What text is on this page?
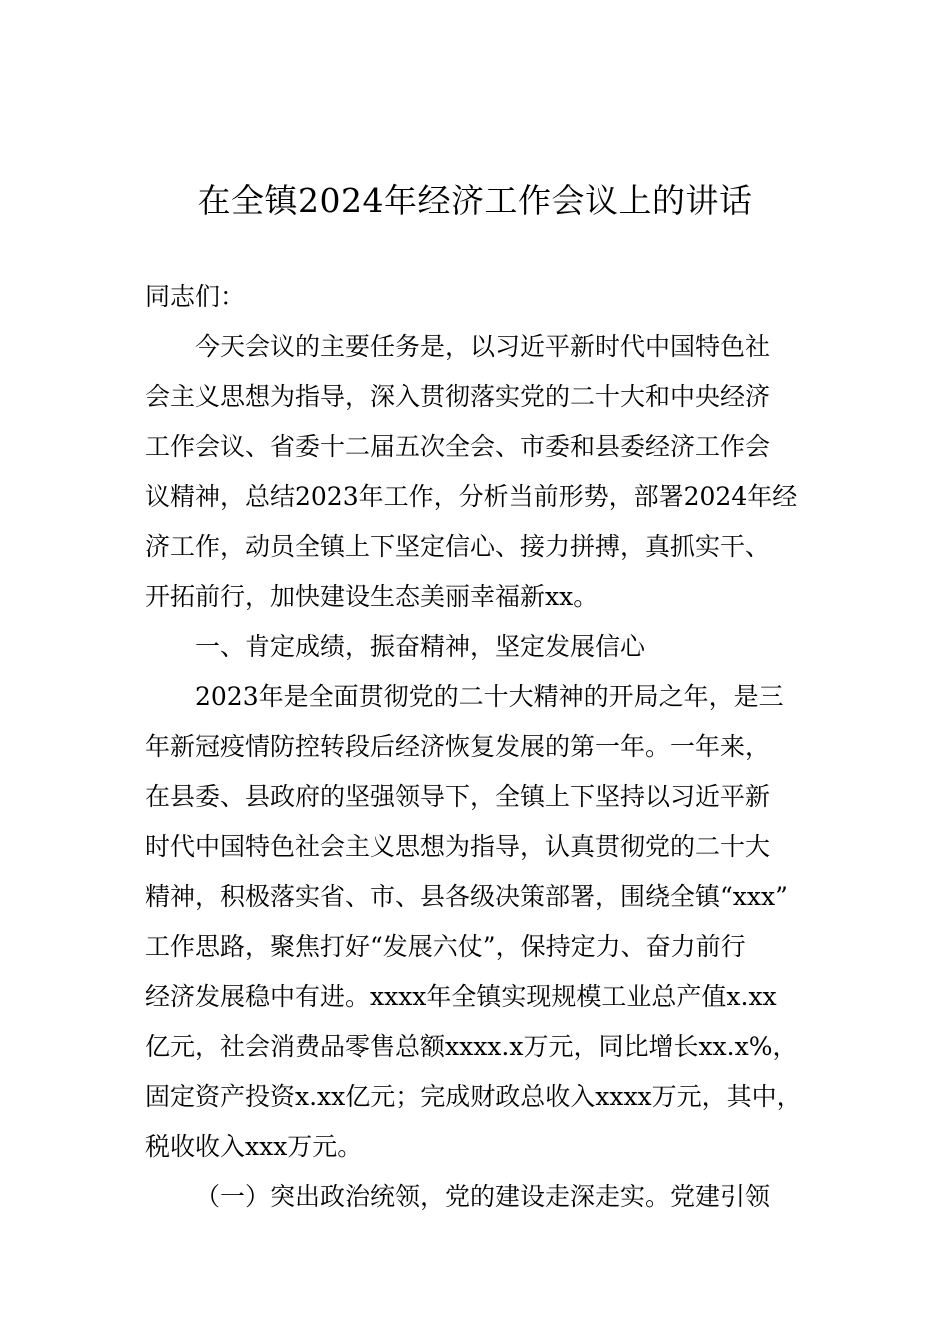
在全镇2024年经济工作会议上的讲话
同志们：
今天会议的主要任务是，以习近平新时代中国特色社
会主义思想为指导，深入贯彻落实党的二十大和中央经济
工作会议、省委十二届五次全会、市委和县委经济工作会
议精神，总结2023年工作，分析当前形势，部署2024年经
济工作，动员全镇上下坚定信心、接力拼搏，真抓实干、
开拓前行，加快建设生态美丽幸福新xx。
一、肯定成绩，振奋精神，坚定发展信心
2023年是全面贯彻党的二十大精神的开局之年，是三
年新冠疫情防控转段后经济恢复发展的第一年。一年来，
在县委、县政府的坚强领导下，全镇上下坚持以习近平新
时代中国特色社会主义思想为指导，认真贯彻党的二十大
精神，积极落实省、市、县各级决策部署，围绕全镇“xxx”
工作思路，聚焦打好“发展六仗”，保持定力、奋力前行
经济发展稳中有进。xxxx年全镇实现规模工业总产值x.xx
亿元，社会消费品零售总额xxxx.x万元，同比增长xx.x%，
固定资产投资x.xx亿元；完成财政总收入xxxx万元，其中，
税收收入xxx万元。
（一）突出政治统领，党的建设走深走实。党建引领
